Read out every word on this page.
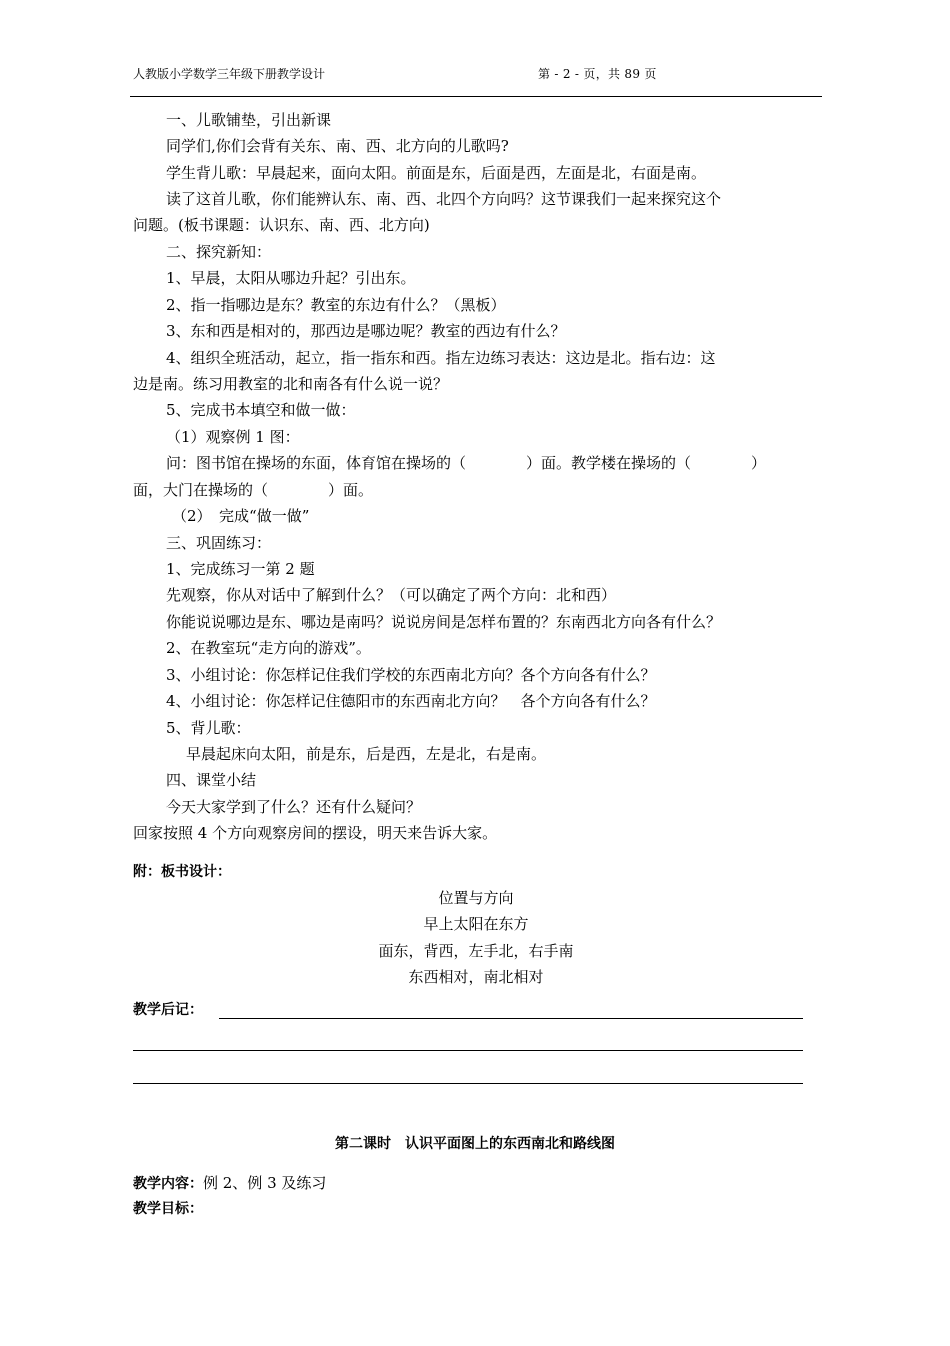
人教版小学数学三年级下册教学设计	第 - 2 - 页，共 89 页
一、儿歌铺垫，引出新课
同学们,你们会背有关东、南、西、北方向的儿歌吗?
学生背儿歌：早晨起来，面向太阳。前面是东，后面是西，左面是北，右面是南。
读了这首儿歌，你们能辨认东、南、西、北四个方向吗？这节课我们一起来探究这个
问题。(板书课题：认识东、南、西、北方向)
二、探究新知：
1、早晨，太阳从哪边升起？引出东。
2、指一指哪边是东？教室的东边有什么？（黑板）
3、东和西是相对的，那西边是哪边呢？教室的西边有什么？
4、组织全班活动，起立，指一指东和西。指左边练习表达：这边是北。指右边：这
边是南。练习用教室的北和南各有什么说一说？
5、完成书本填空和做一做：
（1）观察例 1 图：
问：图书馆在操场的东面，体育馆在操场的（　　　　）面。教学楼在操场的（　　　　）
面，大门在操场的（　　　　）面。
（2）　完成“做一做”
三、巩固练习：
1、完成练习一第 2 题
先观察，你从对话中了解到什么？（可以确定了两个方向：北和西）
你能说说哪边是东、哪边是南吗？说说房间是怎样布置的？东南西北方向各有什么？
2、在教室玩“走方向的游戏”。
3、小组讨论：你怎样记住我们学校的东西南北方向？各个方向各有什么？
4、小组讨论：你怎样记住德阳市的东西南北方向？　各个方向各有什么？
5、背儿歌：
早晨起床向太阳，前是东，后是西，左是北，右是南。
四、课堂小结
今天大家学到了什么？还有什么疑问？
回家按照 4 个方向观察房间的摆设，明天来告诉大家。
附：板书设计：
位置与方向
早上太阳在东方
面东，背西，左手北，右手南
东西相对，南北相对
教学后记：
第二课时　认识平面图上的东西南北和路线图
教学内容：例 2、例 3 及练习
教学目标：
